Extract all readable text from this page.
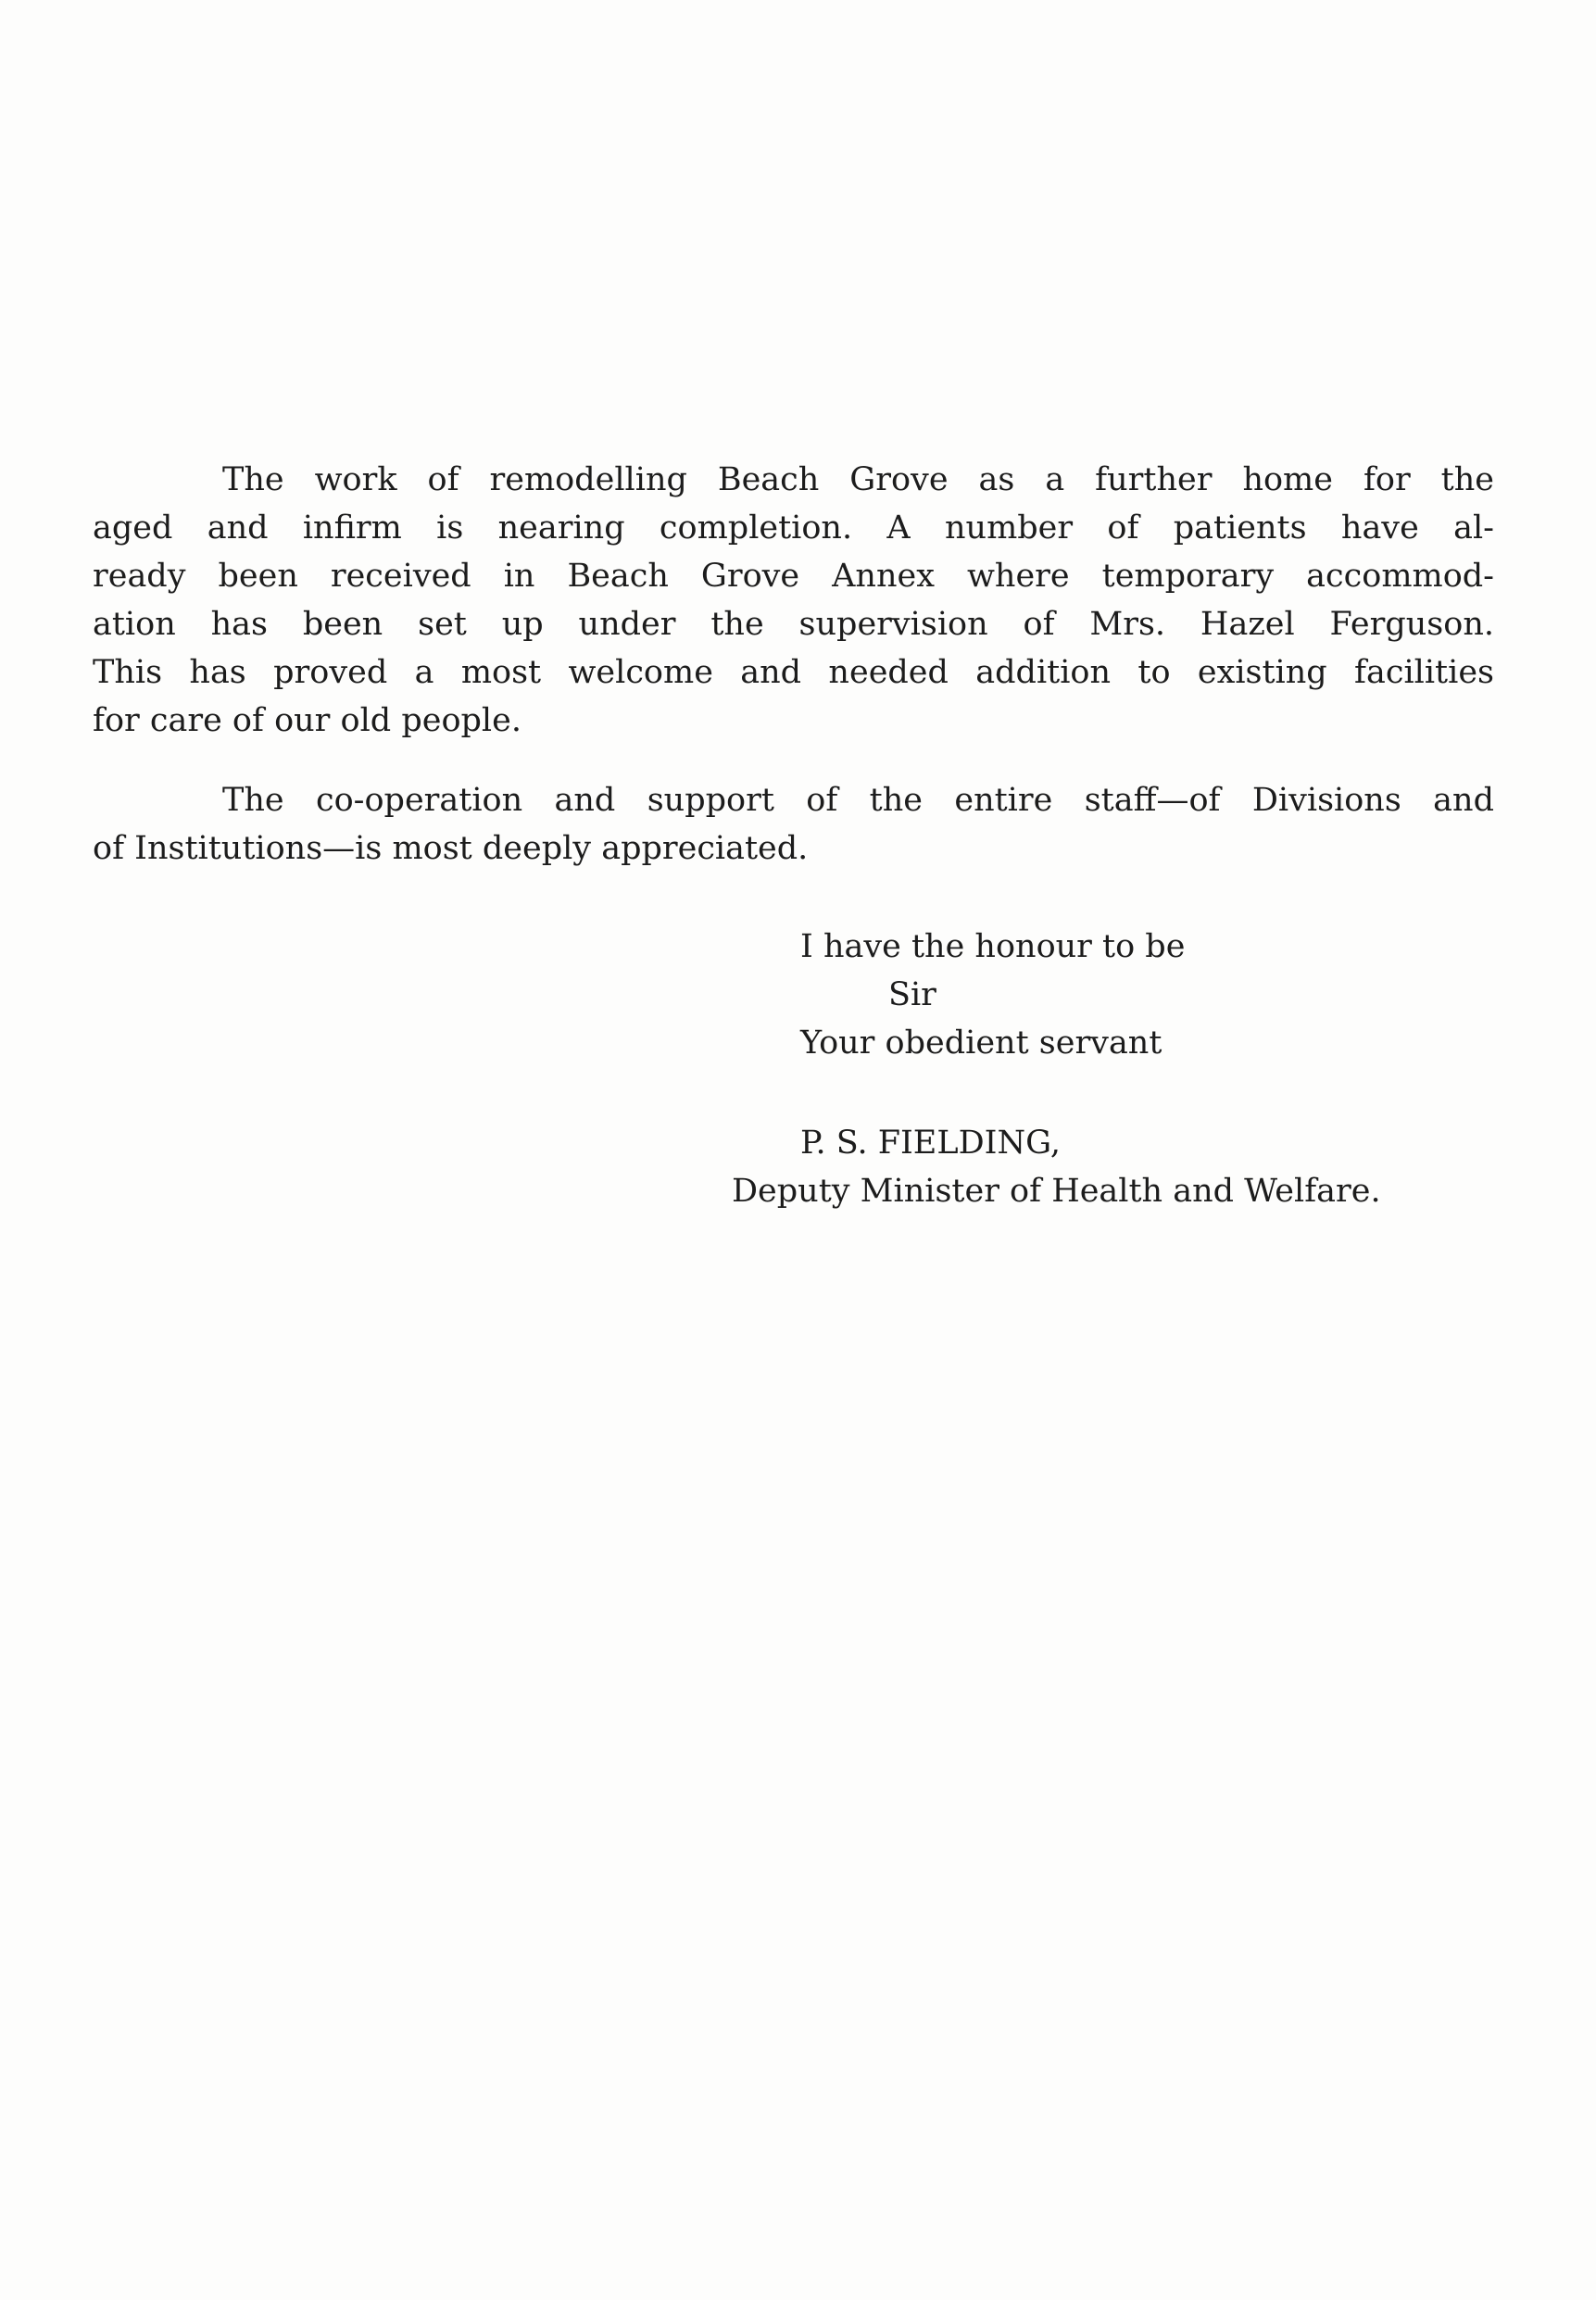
The work of remodelling Beach Grove as a further home for the
aged and infirm is nearing completion. A number of patients have al-
ready been received in Beach Grove Annex where temporary accommod-
ation has been set up under the supervision of Mrs. Hazel Ferguson.
This has proved a most welcome and needed addition to existing facilities
for care of our old people.
The co-operation and support of the entire staff—of Divisions and
of Institutions—is most deeply appreciated.
I have the honour to be
Sir
Your obedient servant
P. S. FIELDING,
Deputy Minister of Health and Welfare.
